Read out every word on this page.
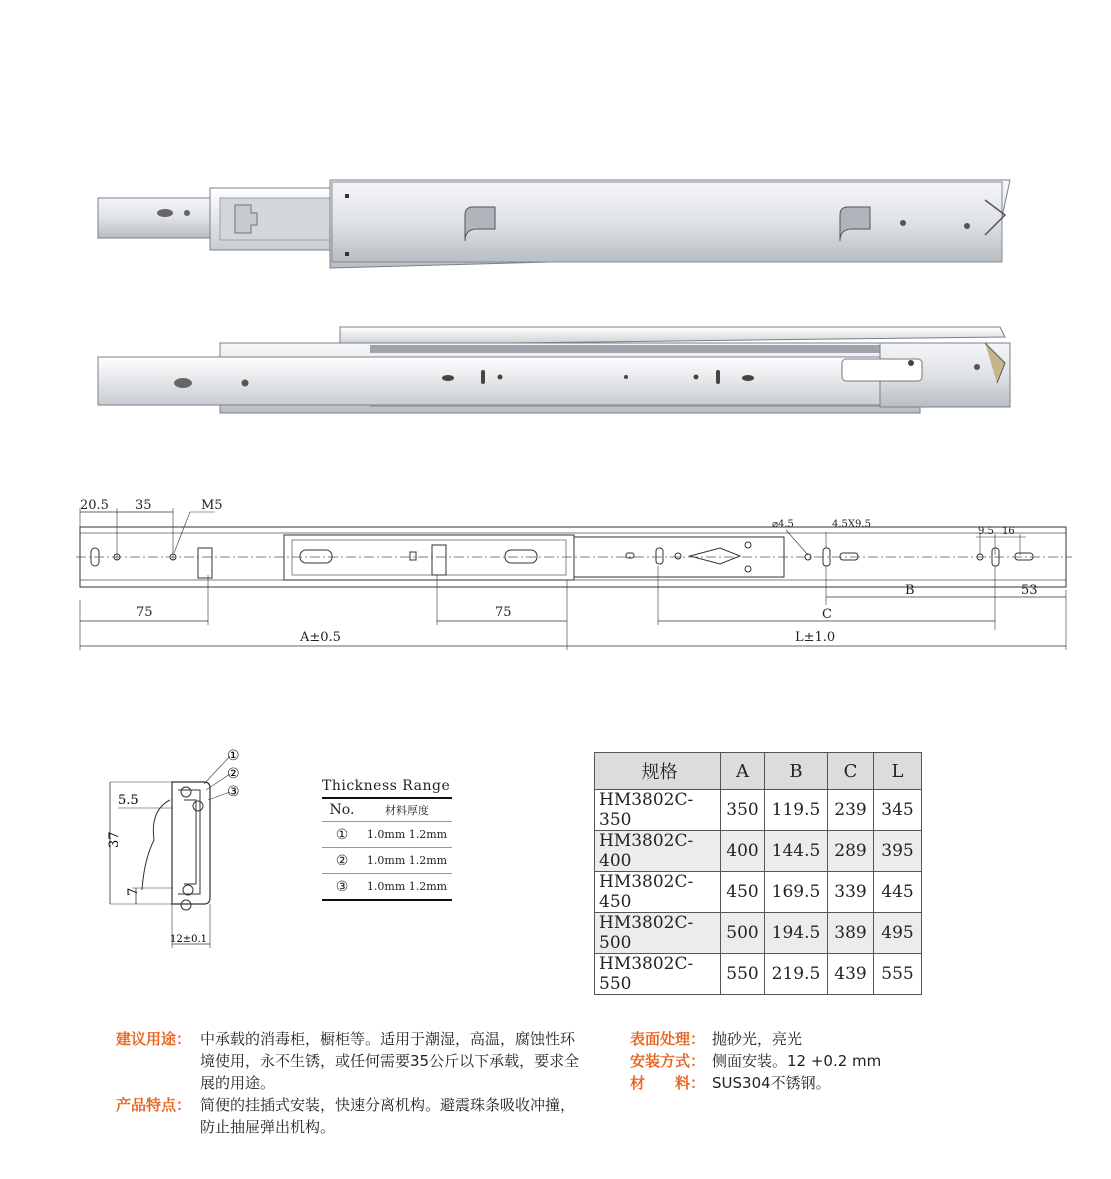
20.5 35	M5
⌀4.5	4.5X9.5
9.5 16
75	75
A±0.5	L±1.0
B	53
C
①
②
③
37
5.5
7
12±0.1
Thickness Range
No.	材料厚度
①	1.0mm 1.2mm
②	1.0mm 1.2mm
③	1.0mm 1.2mm
规格	A	B	C	L
HM3802C-350	350	119.5	239	345
HM3802C-400	400	144.5	289	395
HM3802C-450	450	169.5	339	445
HM3802C-500	500	194.5	389	495
HM3802C-550	550	219.5	439	555
建议用途： 中承载的消毒柜，橱柜等。适用于潮湿，高温，腐蚀性环境使用，永不生锈，或任何需要35公斤以下承载，要求全展的用途。
产品特点： 简便的挂插式安装，快速分离机构。避震珠条吸收冲撞，防止抽屉弹出机构。
表面处理： 抛砂光，亮光
安装方式： 侧面安装。12 +0.2 mm
材　　料： SUS304不锈钢。
